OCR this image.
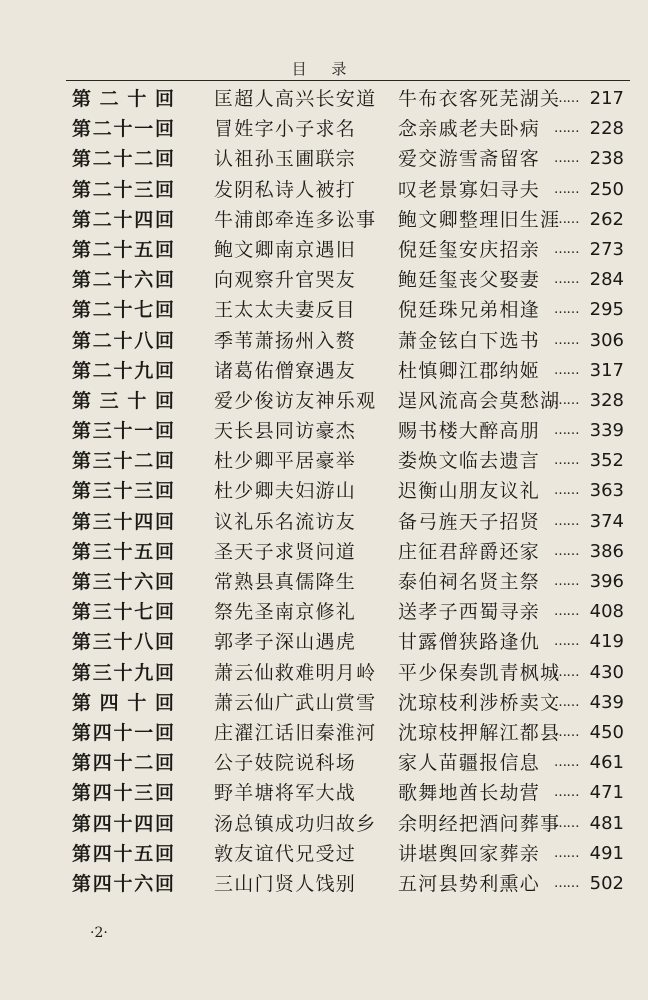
目 录
第 二 十 回 匡超人高兴长安道 牛布衣客死芜湖关
…… 217
第 二 十 一 回 冒姓字小子求名 念亲戚老夫卧病 …… 228
第 二 十 二 回 认祖孙玉圃联宗 爱交游雪斋留客 …… 238
第 二 十 三 回 发阴私诗人被打 叹老景寡妇寻夫 …… 250
第 二 十 四 回 牛浦郎牵连多讼事 鲍文卿整理旧生涯
…… 262
第 二 十 五 回 鲍文卿南京遇旧 倪廷玺安庆招亲 …… 273
第 二 十 六 回 向观察升官哭友 鲍廷玺丧父娶妻 …… 284
第 二 十 七 回 王太太夫妻反目 倪廷珠兄弟相逢 …… 295
第 二 十 八 回 季苇萧扬州入赘 萧金铉白下选书 …… 306
第 二 十 九 回 诸葛佑僧寮遇友 杜慎卿江郡纳姬 …… 317
第 三 十 回 爱少俊访友神乐观 逞风流高会莫愁湖
…… 328
第 三 十 一 回 天长县同访豪杰 赐书楼大醉高朋 …… 339
第 三 十 二 回 杜少卿平居豪举 娄焕文临去遗言 …… 352
第 三 十 三 回 杜少卿夫妇游山 迟衡山朋友议礼 …… 363
第 三 十 四 回 议礼乐名流访友 备弓旌天子招贤 …… 374
第 三 十 五 回 圣天子求贤问道 庄征君辞爵还家 …… 386
第 三 十 六 回 常熟县真儒降生 泰伯祠名贤主祭 …… 396
第 三 十 七 回 祭先圣南京修礼 送孝子西蜀寻亲 …… 408
第 三 十 八 回 郭孝子深山遇虎 甘露僧狭路逢仇 …… 419
第 三 十 九 回 萧云仙救难明月岭 平少保奏凯青枫城
…… 430
第 四 十 回 萧云仙广武山赏雪 沈琼枝利涉桥卖文
…… 439
第 四 十 一 回 庄濯江话旧秦淮河 沈琼枝押解江都县
…… 450
第 四 十 二 回 公子妓院说科场 家人苗疆报信息 …… 461
第 四 十 三 回 野羊塘将军大战 歌舞地酋长劫营 …… 471
第 四 十 四 回 汤总镇成功归故乡 余明经把酒问葬事
…… 481
第 四 十 五 回 敦友谊代兄受过 讲堪舆回家葬亲 …… 491
第 四 十 六 回 三山门贤人饯别 五河县势利熏心 …… 502
·2·
